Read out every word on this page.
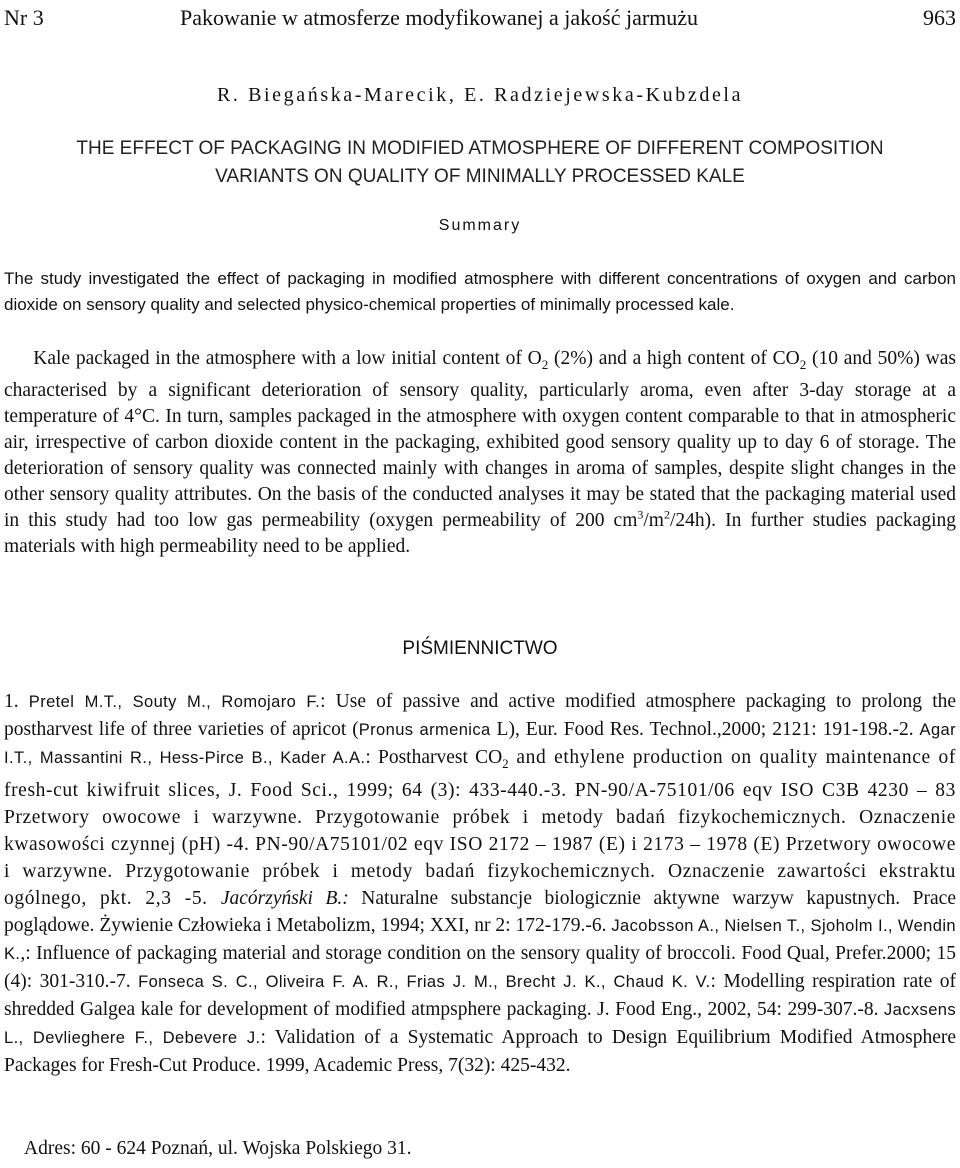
Nr 3	Pakowanie w atmosferze modyfikowanej a jakość jarmużu	963
R. Biegańska-Marecik, E. Radziejewska-Kubzdela
THE EFFECT OF PACKAGING IN MODIFIED ATMOSPHERE OF DIFFERENT COMPOSITION
VARIANTS ON QUALITY OF MINIMALLY PROCESSED KALE
Summary
The study investigated the effect of packaging in modified atmosphere with different concentrations of oxygen and carbon dioxide on sensory quality and selected physico-chemical properties of minimally processed kale.
  Kale packaged in the atmosphere with a low initial content of $O_2$ (2%) and a high content of $CO_2$ (10 and 50%) was characterised by a significant deterioration of sensory quality, particularly aroma, even after 3-day storage at a temperature of 4°C. In turn, samples packaged in the atmosphere with oxygen content comparable to that in atmospheric air, irrespective of carbon dioxide content in the packaging, exhibited good sensory quality up to day 6 of storage. The deterioration of sensory quality was connected mainly with changes in aroma of samples, despite slight changes in the other sensory quality attributes. On the basis of the conducted analyses it may be stated that the packaging material used in this study had too low gas permeability (oxygen permeability of 200 $cm^3/m^2/24h$). In further studies packaging materials with high permeability need to be applied.
PIŚMIENNICTWO
1. Pretel M.T., Souty M., Romojaro F.: Use of passive and active modified atmosphere packaging to prolong the postharvest life of three varieties of apricot (Pronus armenica L), Eur. Food Res. Technol.,2000; 2121: 191-198.-2. Agar I.T., Massantini R., Hess-Pirce B., Kader A.A.: Postharvest $CO_2$ and ethylene production on quality maintenance of fresh-cut kiwifruit slices, J. Food Sci., 1999; 64 (3): 433-440.-3. PN-90/A-75101/06 eqv ISO C3B 4230 – 83 Przetwory owocowe i warzywne. Przygotowanie próbek i metody badań fizykochemicznych. Oznaczenie kwasowości czynnej (pH) -4. PN-90/A75101/02 eqv ISO 2172 – 1987 (E) i 2173 – 1978 (E) Przetwory owocowe i warzywne. Przygotowanie próbek i metody badań fizykochemicznych. Oznaczenie zawartości ekstraktu ogólnego, pkt. 2,3 -5. Jacórzyński B.: Naturalne substancje biologicznie aktywne warzyw kapustnych. Prace poglądowe. Żywienie Człowieka i Metabolizm, 1994; XXI, nr 2: 172-179.-6. Jacobsson A., Nielsen T., Sjoholm I., Wendin K.,: Influence of packaging material and storage condition on the sensory quality of broccoli. Food Qual, Prefer.2000; 15 (4): 301-310.-7. Fonseca S. C., Oliveira F. A. R., Frias J. M., Brecht J. K., Chaud K. V.: Modelling respiration rate of shredded Galgea kale for development of modified atmpsphere packaging. J. Food Eng., 2002, 54: 299-307.-8. Jacxsens L., Devlieghere F., Debevere J.: Validation of a Systematic Approach to Design Equilibrium Modified Atmosphere Packages for Fresh-Cut Produce. 1999, Academic Press, 7(32): 425-432.
Adres: 60 - 624 Poznań, ul. Wojska Polskiego 31.
